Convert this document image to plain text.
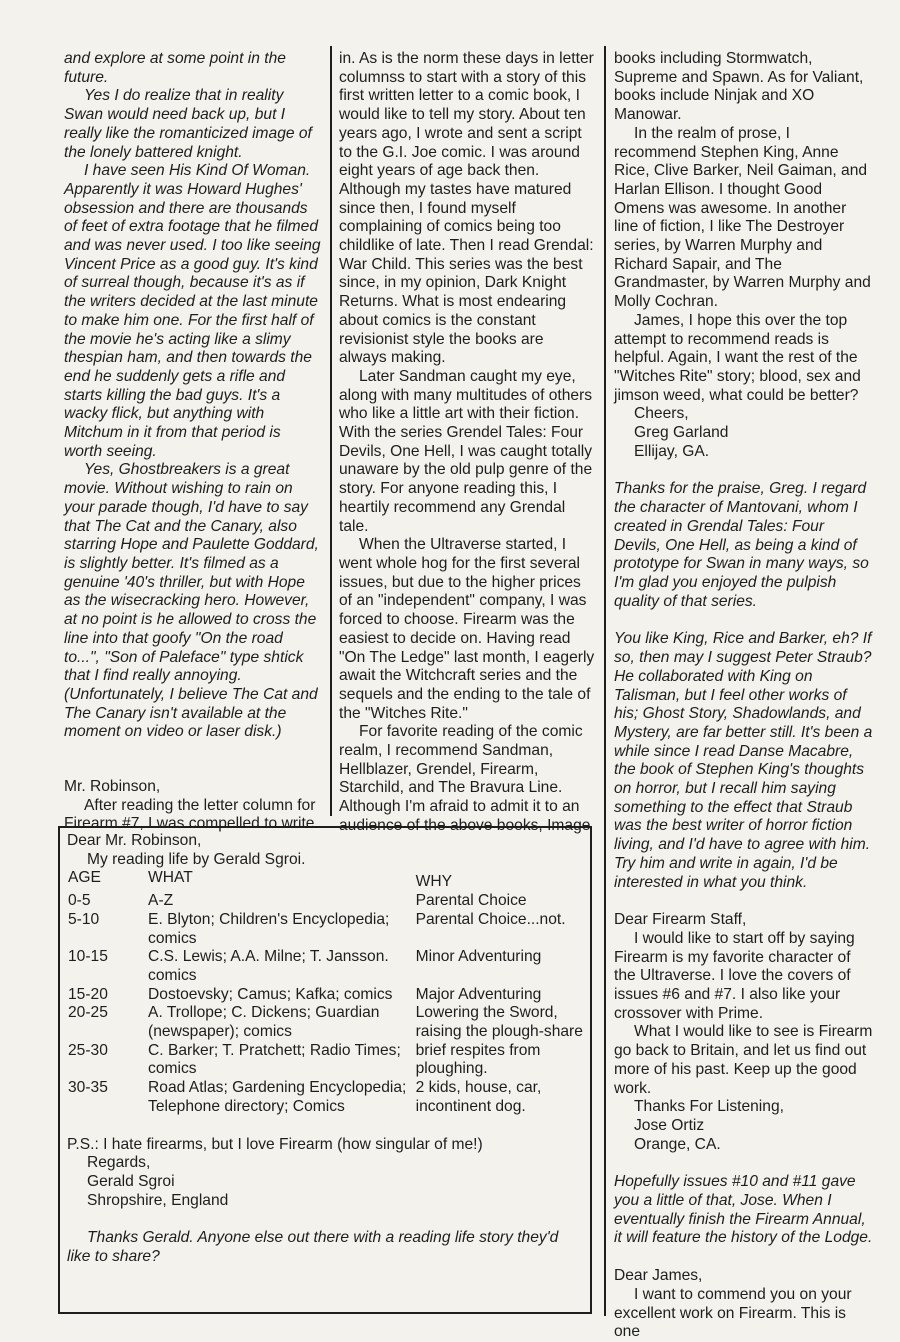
and explore at some point in the future.

Yes I do realize that in reality Swan would need back up, but I really like the romanticized image of the lonely battered knight.

I have seen His Kind Of Woman. Apparently it was Howard Hughes' obsession and there are thousands of feet of extra footage that he filmed and was never used. I too like seeing Vincent Price as a good guy. It's kind of surreal though, because it's as if the writers decided at the last minute to make him one. For the first half of the movie he's acting like a slimy thespian ham, and then towards the end he suddenly gets a rifle and starts killing the bad guys. It's a wacky flick, but anything with Mitchum in it from that period is worth seeing.

Yes, Ghostbreakers is a great movie. Without wishing to rain on your parade though, I'd have to say that The Cat and the Canary, also starring Hope and Paulette Goddard, is slightly better. It's filmed as a genuine '40's thriller, but with Hope as the wisecracking hero. However, at no point is he allowed to cross the line into that goofy "On the road to...", "Son of Paleface" type shtick that I find really annoying. (Unfortunately, I believe The Cat and The Canary isn't available at the moment on video or laser disk.)

Mr. Robinson,

After reading the letter column for Firearm #7, I was compelled to write

in. As is the norm these days in letter columnss to start with a story of this first written letter to a comic book, I would like to tell my story. About ten years ago, I wrote and sent a script to the G.I. Joe comic. I was around eight years of age back then. Although my tastes have matured since then, I found myself complaining of comics being too childlike of late. Then I read Grendal: War Child. This series was the best since, in my opinion, Dark Knight Returns. What is most endearing about comics is the constant revisionist style the books are always making.

Later Sandman caught my eye, along with many multitudes of others who like a little art with their fiction. With the series Grendel Tales: Four Devils, One Hell, I was caught totally unaware by the old pulp genre of the story. For anyone reading this, I heartily recommend any Grendal tale.

When the Ultraverse started, I went whole hog for the first several issues, but due to the higher prices of an "independent" company, I was forced to choose. Firearm was the easiest to decide on. Having read "On The Ledge" last month, I eagerly await the Witchcraft series and the sequels and the ending to the tale of the "Witches Rite."

For favorite reading of the comic realm, I recommend Sandman, Hellblazer, Grendel, Firearm, Starchild, and The Bravura Line. Although I'm afraid to admit it to an audience of the above books, Image

books including Stormwatch, Supreme and Spawn. As for Valiant, books include Ninjak and XO Manowar.

In the realm of prose, I recommend Stephen King, Anne Rice, Clive Barker, Neil Gaiman, and Harlan Ellison. I thought Good Omens was awesome. In another line of fiction, I like The Destroyer series, by Warren Murphy and Richard Sapair, and The Grandmaster, by Warren Murphy and Molly Cochran.

James, I hope this over the top attempt to recommend reads is helpful. Again, I want the rest of the "Witches Rite" story; blood, sex and jimson weed, what could be better?

Cheers,

Greg Garland

Ellijay, GA.

Thanks for the praise, Greg. I regard the character of Mantovani, whom I created in Grendal Tales: Four Devils, One Hell, as being a kind of prototype for Swan in many ways, so I'm glad you enjoyed the pulpish quality of that series.

You like King, Rice and Barker, eh? If so, then may I suggest Peter Straub? He collaborated with King on Talisman, but I feel other works of his; Ghost Story, Shadowlands, and Mystery, are far better still. It's been a while since I read Danse Macabre, the book of Stephen King's thoughts on horror, but I recall him saying something to the effect that Straub was the best writer of horror fiction living, and I'd have to agree with him. Try him and write in again, I'd be interested in what you think.

Dear Firearm Staff,

I would like to start off by saying Firearm is my favorite character of the Ultraverse. I love the covers of issues #6 and #7. I also like your crossover with Prime.

What I would like to see is Firearm go back to Britain, and let us find out more of his past. Keep up the good work.

Thanks For Listening,

Jose Ortiz

Orange, CA.

Hopefully issues #10 and #11 gave you a little of that, Jose. When I eventually finish the Firearm Annual, it will feature the history of the Lodge.

Dear James,

I want to commend you on your excellent work on Firearm. This is one

Dear Mr. Robinson,

My reading life by Gerald Sgroi.

AGE	WHAT	WHY
0-5	A-Z	Parental Choice
5-10	E. Blyton; Children's Encyclopedia; comics	Parental Choice...not.
10-15	C.S. Lewis; A.A. Milne; T. Jansson. comics	Minor Adventuring
15-20	Dostoevsky; Camus; Kafka; comics	Major Adventuring
20-25	A. Trollope; C. Dickens; Guardian (newspaper); comics	Lowering the Sword, raising the plough-share
25-30	C. Barker; T. Pratchett; Radio Times; comics	brief respites from ploughing.
30-35	Road Atlas; Gardening Encyclopedia; Telephone directory; Comics	2 kids, house, car, incontinent dog.

P.S.: I hate firearms, but I love Firearm (how singular of me!)

Regards,

Gerald Sgroi

Shropshire, England

Thanks Gerald. Anyone else out there with a reading life story they'd like to share?
